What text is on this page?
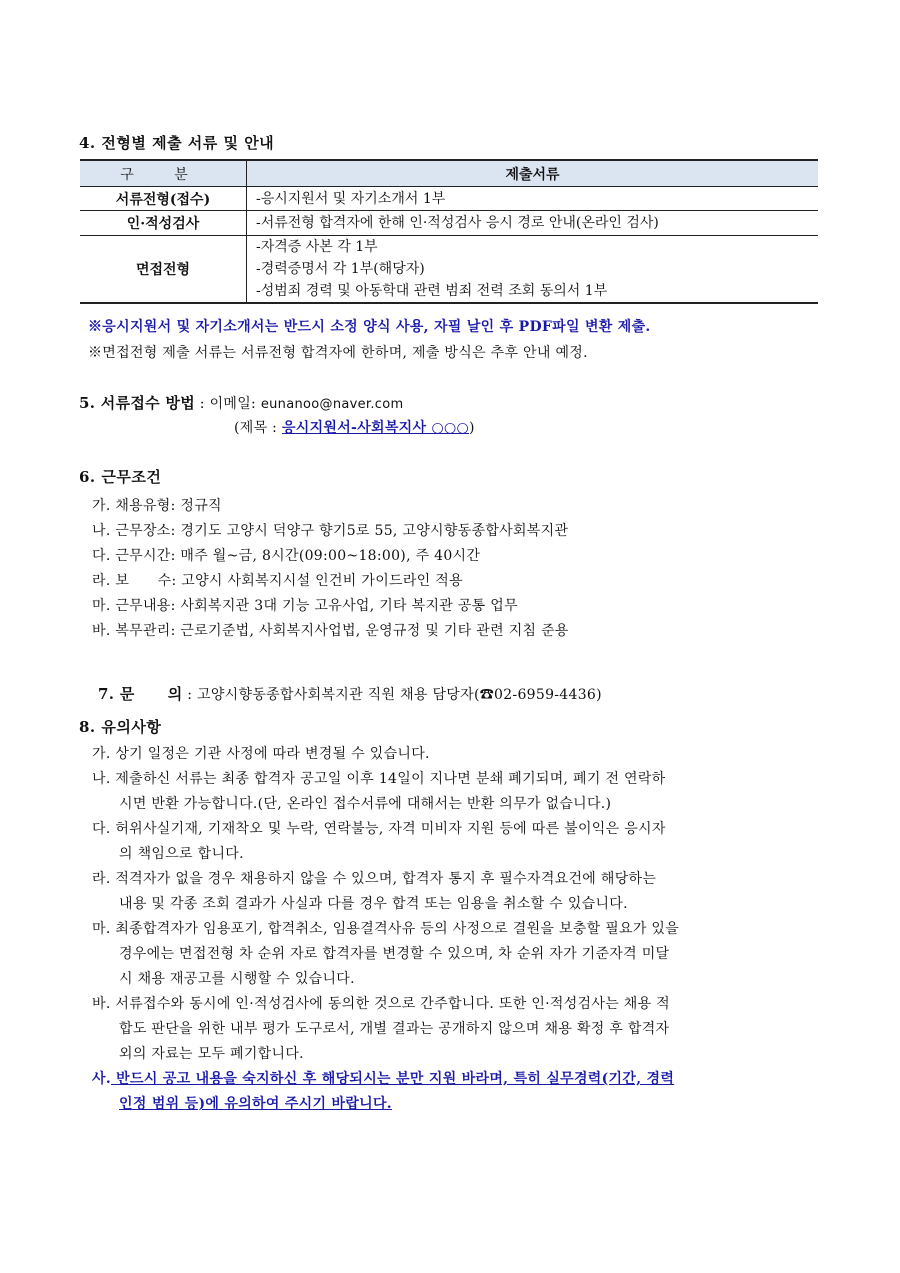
4. 전형별 제출 서류 및 안내
구 분	제출서류
서류전형(접수)	-응시지원서 및 자기소개서 1부

인·적성검사	-서류전형 합격자에 한해 인·적성검사 응시 경로 안내(온라인 검사)

면접전형	-자격증 사본 각 1부
-경력증명서 각 1부(해당자)
-성범죄 경력 및 아동학대 관련 범죄 전력 조회 동의서 1부
※응시지원서 및 자기소개서는 반드시 소정 양식 사용, 자필 날인 후 PDF파일 변환 제출.
※면접전형 제출 서류는 서류전형 합격자에 한하며, 제출 방식은 추후 안내 예정.
5. 서류접수 방법 : 이메일: eunanoo@naver.com
(제목 : 응시지원서-사회복지사 ○○○)
6. 근무조건
가. 채용유형: 정규직
나. 근무장소: 경기도 고양시 덕양구 향기5로 55, 고양시향동종합사회복지관
다. 근무시간: 매주 월~금, 8시간(09:00~18:00), 주 40시간
라. 보      수: 고양시 사회복지시설 인건비 가이드라인 적용
마. 근무내용: 사회복지관 3대 기능 고유사업, 기타 복지관 공통 업무
바. 복무관리: 근로기준법, 사회복지사업법, 운영규정 및 기타 관련 지침 준용

7. 문      의 : 고양시향동종합사회복지관 직원 채용 담당자(☎02-6959-4436)

8. 유의사항
가. 상기 일정은 기관 사정에 따라 변경될 수 있습니다.
나. 제출하신 서류는 최종 합격자 공고일 이후 14일이 지나면 분쇄 폐기되며, 폐기 전 연락하
시면 반환 가능합니다.(단, 온라인 접수서류에 대해서는 반환 의무가 없습니다.)
다. 허위사실기재, 기재착오 및 누락, 연락불능, 자격 미비자 지원 등에 따른 불이익은 응시자
의 책임으로 합니다.
라. 적격자가 없을 경우 채용하지 않을 수 있으며, 합격자 통지 후 필수자격요건에 해당하는
내용 및 각종 조회 결과가 사실과 다를 경우 합격 또는 임용을 취소할 수 있습니다.
마. 최종합격자가 임용포기, 합격취소, 임용결격사유 등의 사정으로 결원을 보충할 필요가 있을
경우에는 면접전형 차 순위 자로 합격자를 변경할 수 있으며, 차 순위 자가 기준자격 미달
시 채용 재공고를 시행할 수 있습니다.
바. 서류접수와 동시에 인·적성검사에 동의한 것으로 간주합니다. 또한 인·적성검사는 채용 적
합도 판단을 위한 내부 평가 도구로서, 개별 결과는 공개하지 않으며 채용 확정 후 합격자
외의 자료는 모두 폐기합니다.
사. 반드시 공고 내용을 숙지하신 후 해당되시는 분만 지원 바라며, 특히 실무경력(기간, 경력
인정 범위 등)에 유의하여 주시기 바랍니다.
